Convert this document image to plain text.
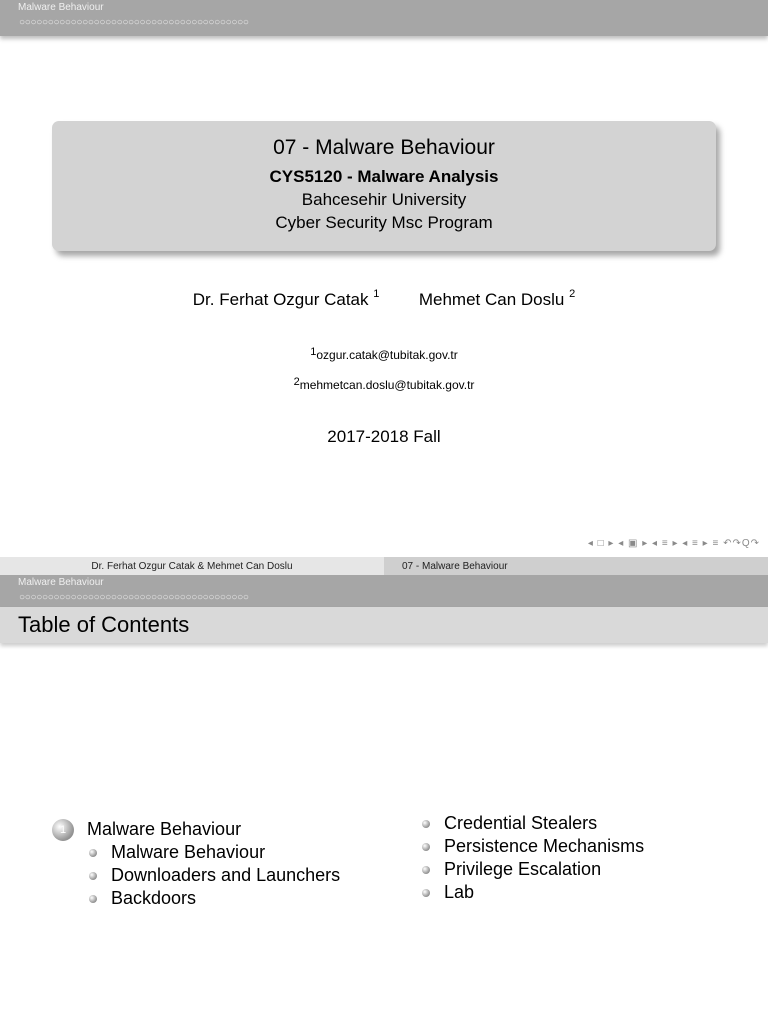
Malware Behaviour
○○○○○○○○○○○○○○○○○○○○○○○○○○○○○○○○○○○○○○○○
07 - Malware Behaviour
CYS5120 - Malware Analysis
Bahcesehir University
Cyber Security Msc Program
Dr. Ferhat Ozgur Catak $^1$ Mehmet Can Doslu $^2$
$^1$ozgur.catak@tubitak.gov.tr
$^2$mehmetcan.doslu@tubitak.gov.tr
2017-2018 Fall
◂ □ ▸ ◂ ▣ ▸ ◂ ≡ ▸ ◂ ≡ ▸ ≡ ↶↷Q↷
Dr. Ferhat Ozgur Catak & Mehmet Can Doslu	07 - Malware Behaviour
Malware Behaviour
○○○○○○○○○○○○○○○○○○○○○○○○○○○○○○○○○○○○○○○○
Table of Contents
1	Malware Behaviour
Malware Behaviour
Downloaders and Launchers
Backdoors
Credential Stealers
Persistence Mechanisms
Privilege Escalation
Lab
